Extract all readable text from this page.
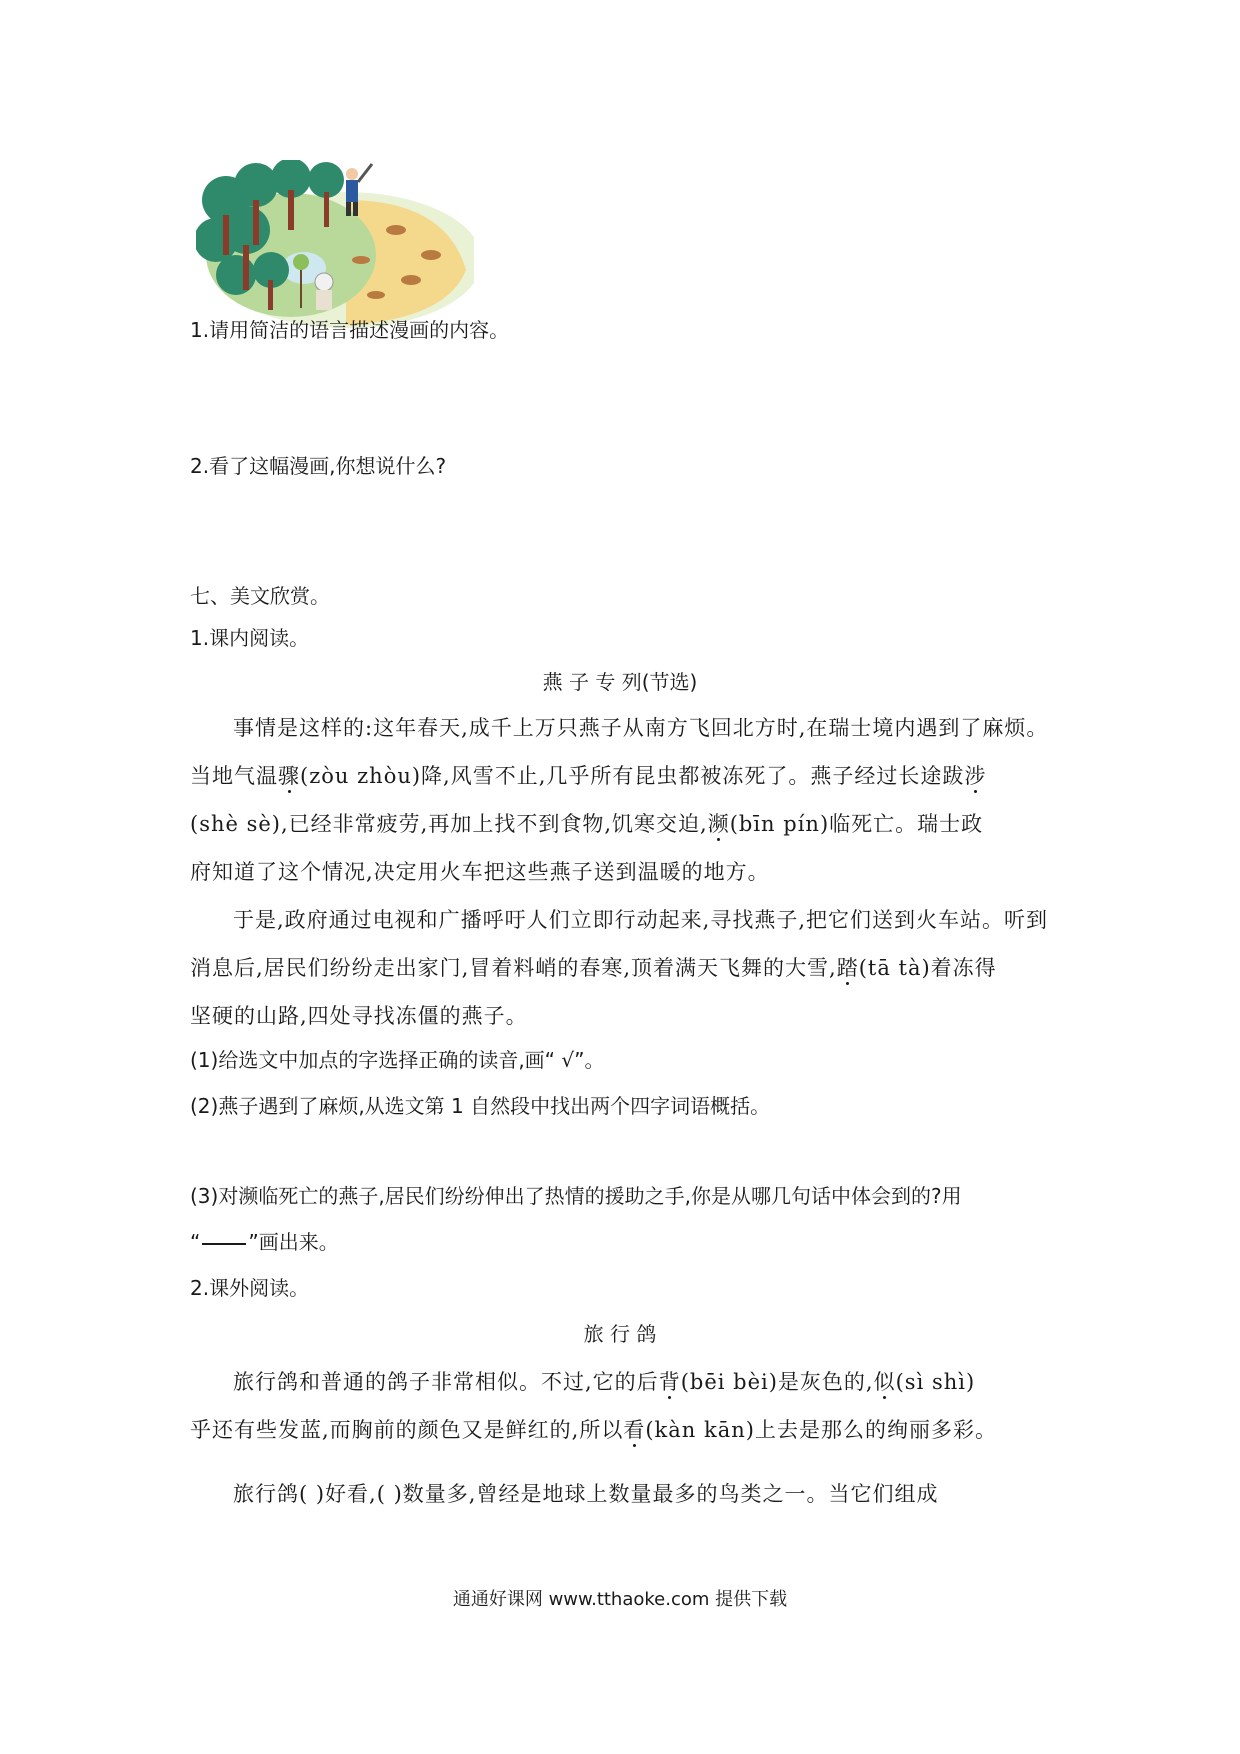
1.请用简洁的语言描述漫画的内容。
2.看了这幅漫画,你想说什么?
七、美文欣赏。
1.课内阅读。
燕 子 专 列(节选)
事情是这样的:这年春天,成千上万只燕子从南方飞回北方时,在瑞士境内遇到了麻烦。
当地气温骤(zòu zhòu)降,风雪不止,几乎所有昆虫都被冻死了。燕子经过长途跋涉
(shè sè),已经非常疲劳,再加上找不到食物,饥寒交迫,濒(bīn pín)临死亡。瑞士政
府知道了这个情况,决定用火车把这些燕子送到温暖的地方。
于是,政府通过电视和广播呼吁人们立即行动起来,寻找燕子,把它们送到火车站。听到
消息后,居民们纷纷走出家门,冒着料峭的春寒,顶着满天飞舞的大雪,踏(tā tà)着冻得
坚硬的山路,四处寻找冻僵的燕子。
(1)给选文中加点的字选择正确的读音,画“ √”。
(2)燕子遇到了麻烦,从选文第 1 自然段中找出两个四字词语概括。
(3)对濒临死亡的燕子,居民们纷纷伸出了热情的援助之手,你是从哪几句话中体会到的?用
“ ”画出来。
2.课外阅读。
旅 行 鸽
旅行鸽和普通的鸽子非常相似。不过,它的后背(bēi bèi)是灰色的,似(sì shì)
乎还有些发蓝,而胸前的颜色又是鲜红的,所以看(kàn kān)上去是那么的绚丽多彩。
旅行鸽( )好看,( )数量多,曾经是地球上数量最多的鸟类之一。当它们组成
通通好课网 www.tthaoke.com 提供下载
